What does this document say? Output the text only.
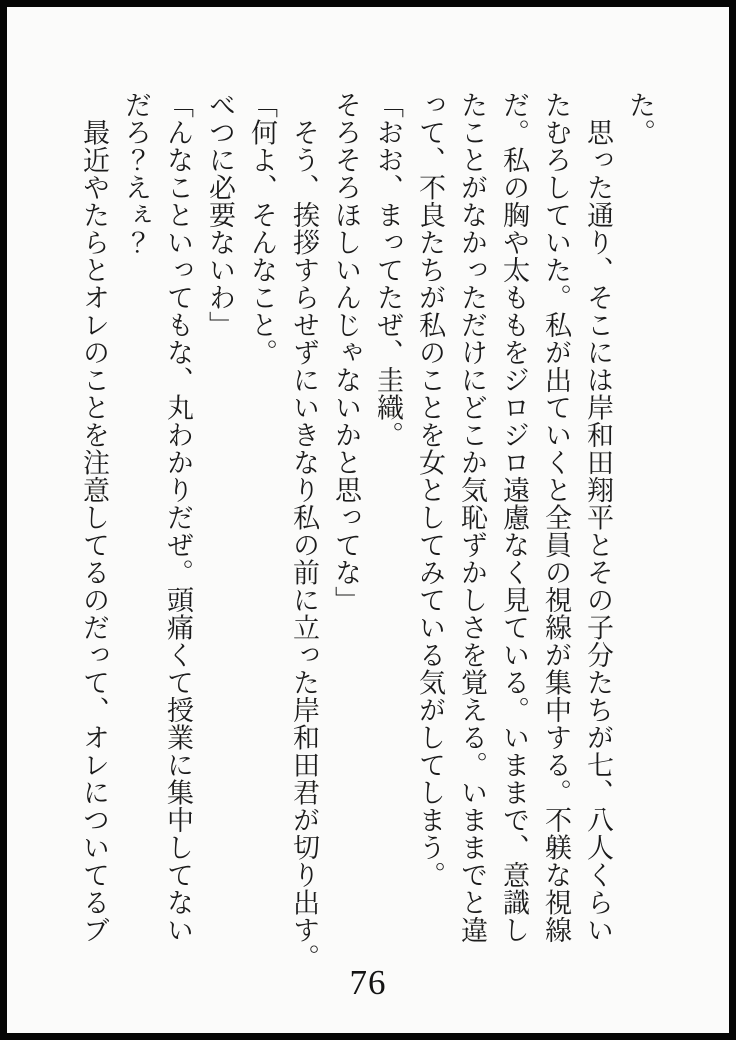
た。
　思った通り、そこには岸和田翔平とその子分たちが七、八人くらい
たむろしていた。私が出ていくと全員の視線が集中する。不躾な視線
だ。私の胸や太ももをジロジロ遠慮なく見ている。いままで、意識し
たことがなかっただけにどこか気恥ずかしさを覚える。いままでと違
って、不良たちが私のことを女としてみている気がしてしまう。
「おお、まってたぜ、圭織。
そろそろほしいんじゃないかと思ってな」
　そう、挨拶すらせずにいきなり私の前に立った岸和田君が切り出す。
「何よ、そんなこと。
べつに必要ないわ」
「んなこといってもな、丸わかりだぜ。頭痛くて授業に集中してない
だろ？えぇ？
　最近やたらとオレのことを注意してるのだって、オレについてるブ
76
